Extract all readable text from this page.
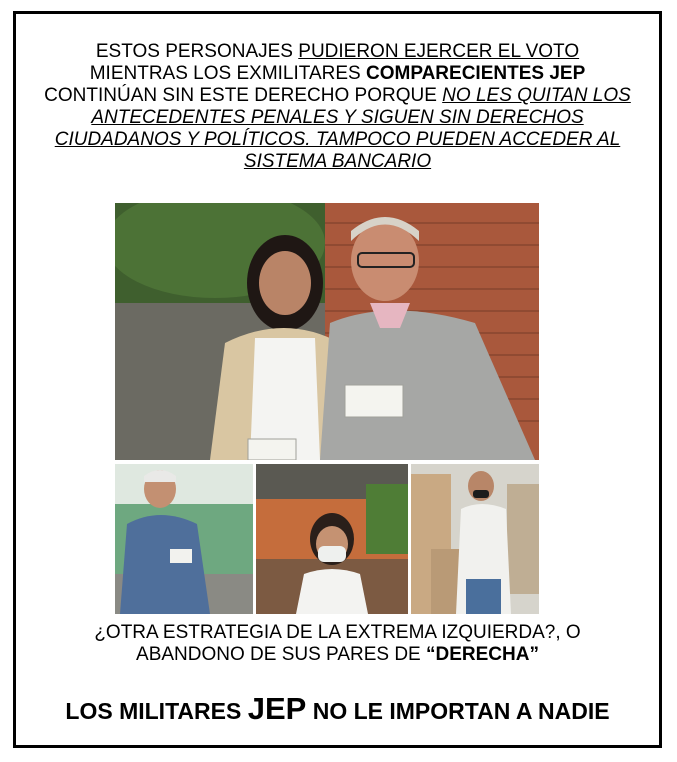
ESTOS PERSONAJES PUDIERON EJERCER EL VOTO
MIENTRAS LOS EXMILITARES COMPARECIENTES JEP
CONTINÚAN SIN ESTE DERECHO PORQUE NO LES QUITAN LOS
ANTECEDENTES PENALES Y SIGUEN SIN DERECHOS
CIUDADANOS Y POLÍTICOS. TAMPOCO PUEDEN ACCEDER AL
SISTEMA BANCARIO
¿OTRA ESTRATEGIA DE LA EXTREMA IZQUIERDA?, O
ABANDONO DE SUS PARES DE “DERECHA”
LOS MILITARES JEP NO LE IMPORTAN A NADIE
